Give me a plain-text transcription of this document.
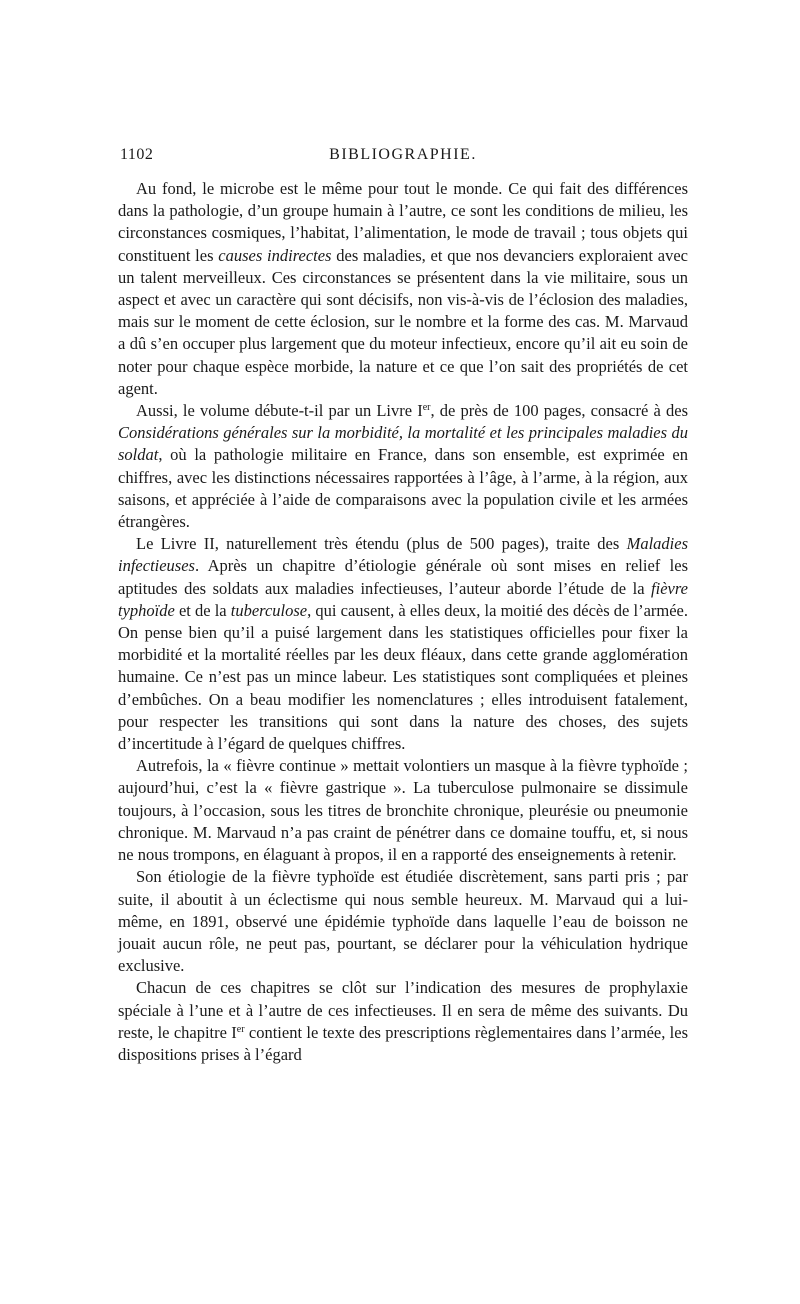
1102	BIBLIOGRAPHIE.

Au fond, le microbe est le même pour tout le monde. Ce qui fait des différences dans la pathologie, d’un groupe humain à l’autre, ce sont les conditions de milieu, les circonstances cosmiques, l’habitat, l’alimentation, le mode de travail ; tous objets qui constituent les causes indirectes des maladies, et que nos devanciers exploraient avec un talent merveilleux. Ces circonstances se présentent dans la vie militaire, sous un aspect et avec un caractère qui sont décisifs, non vis-à-vis de l’éclosion des maladies, mais sur le moment de cette éclosion, sur le nombre et la forme des cas. M. Marvaud a dû s’en occuper plus largement que du moteur infectieux, encore qu’il ait eu soin de noter pour chaque espèce morbide, la nature et ce que l’on sait des propriétés de cet agent.

Aussi, le volume débute-t-il par un Livre Ier, de près de 100 pages, consacré à des Considérations générales sur la morbidité, la mortalité et les principales maladies du soldat, où la pathologie militaire en France, dans son ensemble, est exprimée en chiffres, avec les distinctions nécessaires rapportées à l’âge, à l’arme, à la région, aux saisons, et appréciée à l’aide de comparaisons avec la population civile et les armées étrangères.

Le Livre II, naturellement très étendu (plus de 500 pages), traite des Maladies infectieuses. Après un chapitre d’étiologie générale où sont mises en relief les aptitudes des soldats aux maladies infectieuses, l’auteur aborde l’étude de la fièvre typhoïde et de la tuberculose, qui causent, à elles deux, la moitié des décès de l’armée. On pense bien qu’il a puisé largement dans les statistiques officielles pour fixer la morbidité et la mortalité réelles par les deux fléaux, dans cette grande agglomération humaine. Ce n’est pas un mince labeur. Les statistiques sont compliquées et pleines d’embûches. On a beau modifier les nomenclatures ; elles introduisent fatalement, pour respecter les transitions qui sont dans la nature des choses, des sujets d’incertitude à l’égard de quelques chiffres.

Autrefois, la « fièvre continue » mettait volontiers un masque à la fièvre typhoïde ; aujourd’hui, c’est la « fièvre gastrique ». La tuberculose pulmonaire se dissimule toujours, à l’occasion, sous les titres de bronchite chronique, pleurésie ou pneumonie chronique. M. Marvaud n’a pas craint de pénétrer dans ce domaine touffu, et, si nous ne nous trompons, en élaguant à propos, il en a rapporté des enseignements à retenir.

Son étiologie de la fièvre typhoïde est étudiée discrètement, sans parti pris ; par suite, il aboutit à un éclectisme qui nous semble heureux. M. Marvaud qui a lui-même, en 1891, observé une épidémie typhoïde dans laquelle l’eau de boisson ne jouait aucun rôle, ne peut pas, pourtant, se déclarer pour la véhiculation hydrique exclusive.

Chacun de ces chapitres se clôt sur l’indication des mesures de prophylaxie spéciale à l’une et à l’autre de ces infectieuses. Il en sera de même des suivants. Du reste, le chapitre Ier contient le texte des prescriptions règlementaires dans l’armée, les dispositions prises à l’égard
